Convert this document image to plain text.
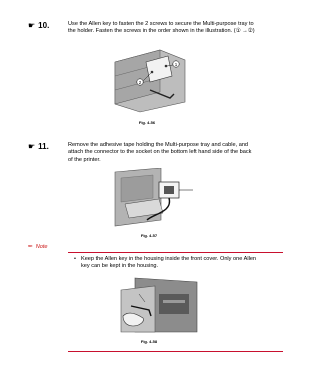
☛ 10.	Use the Allen key to fasten the 2 screws to secure the Multi-purpose tray to
the holder. Fasten the screws in the order shown in the illustration. (① →②)
1
2
Fig. 4-56
☛ 11.	Remove the adhesive tape holding the Multi-purpose tray and cable, and
attach the connector to the socket on the bottom left hand side of the back
of the printer.
Fig. 4-57
✏ Note
• Keep the Allen key in the housing inside the front cover. Only one Allen
key can be kept in the housing.
Fig. 4-58
